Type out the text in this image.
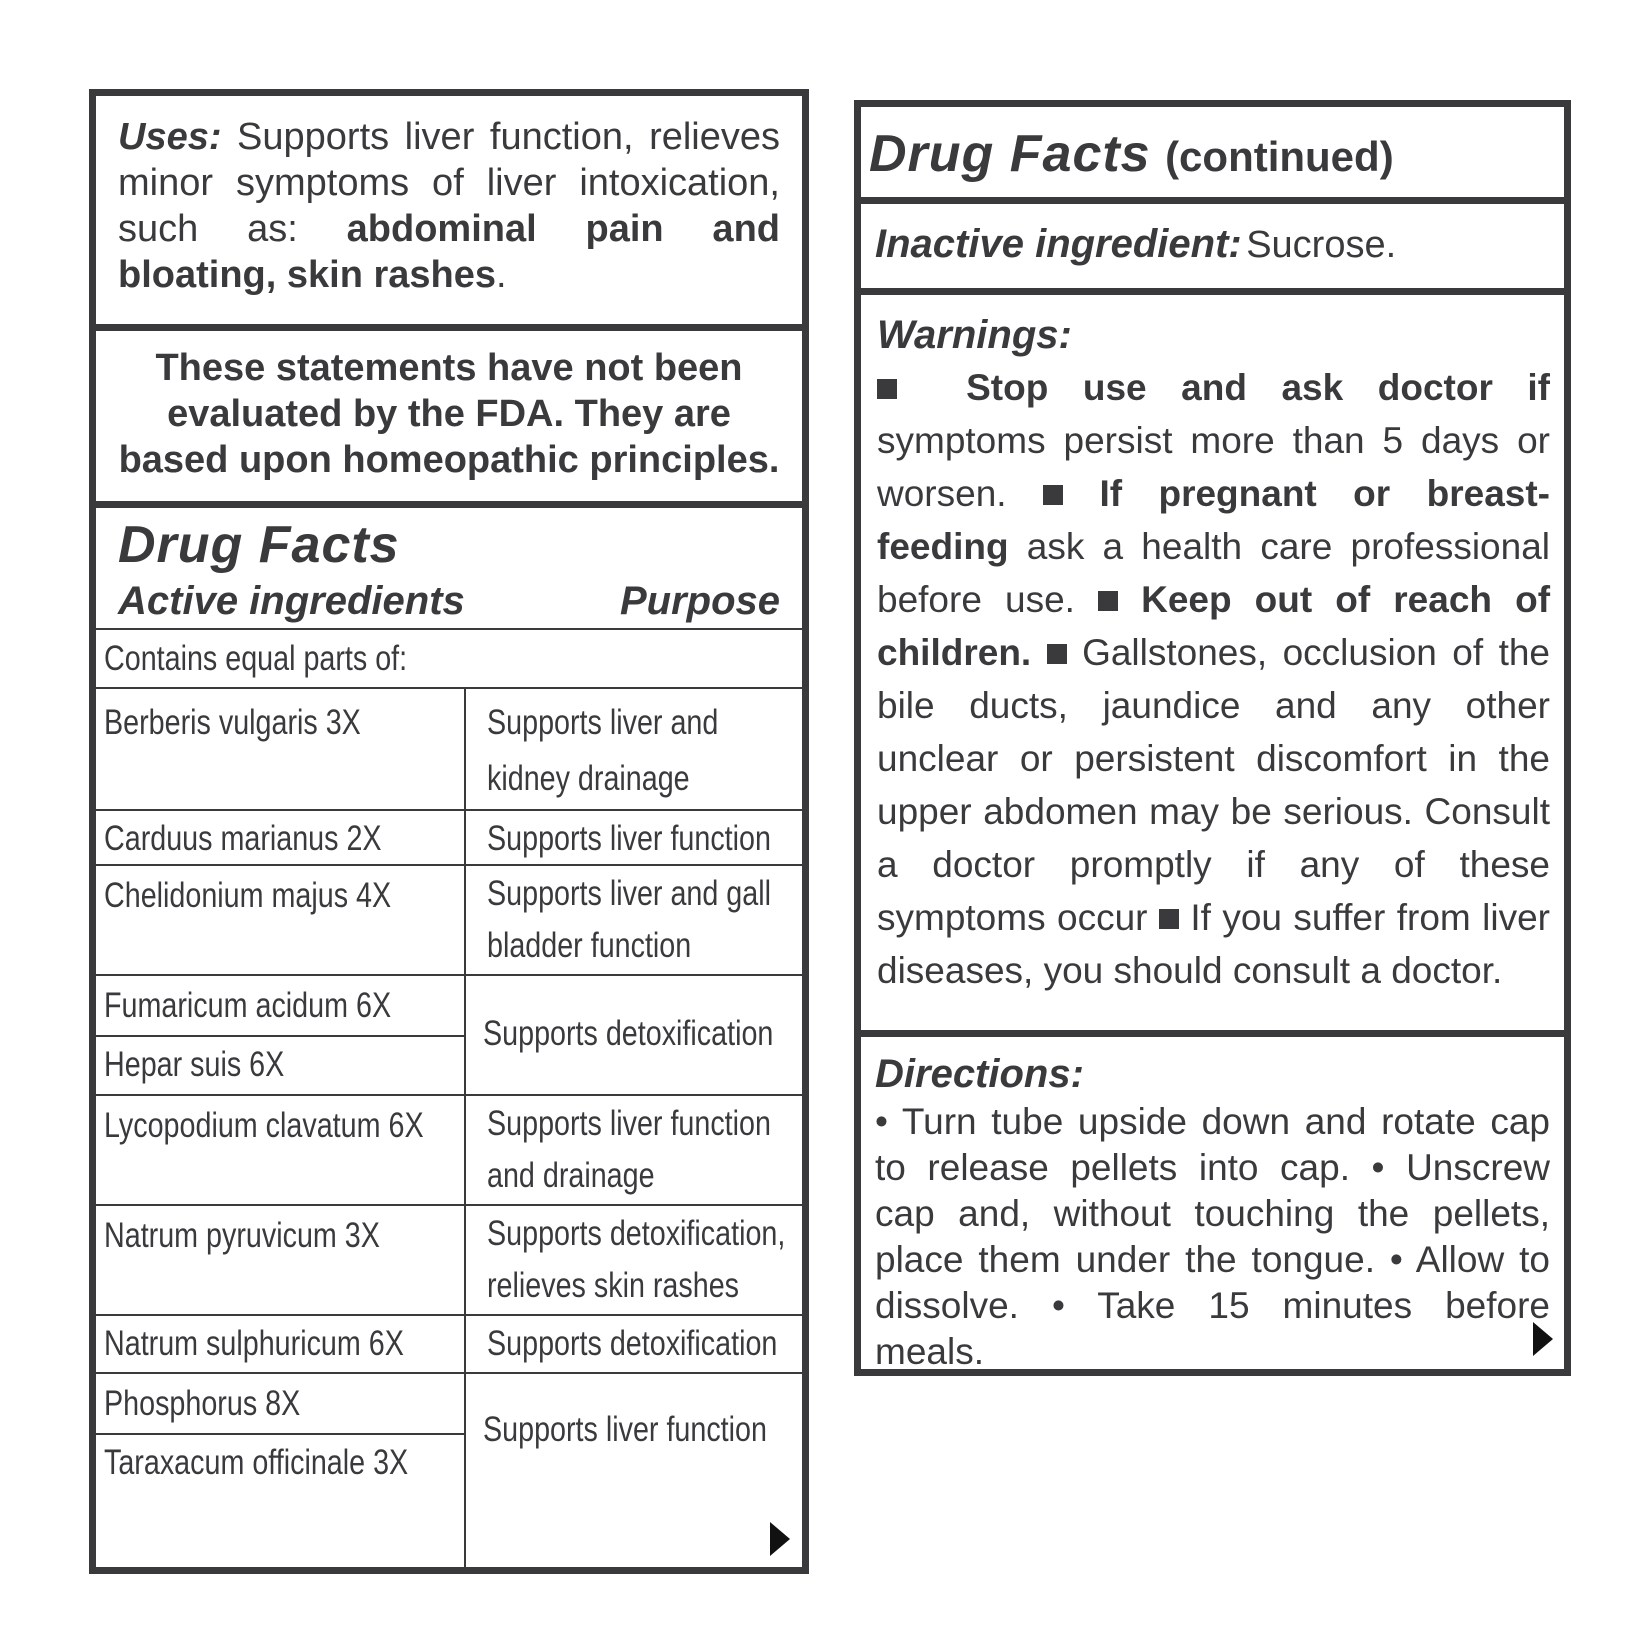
Uses: Supports liver function, relieves minor symptoms of liver intoxication, such as: abdominal pain and bloating, skin rashes.
These statements have not been evaluated by the FDA. They are based upon homeopathic principles.
Drug Facts
Active ingredients	Purpose
Contains equal parts of:
Berberis vulgaris 3X	Supports liver and
kidney drainage
Carduus marianus 2X	Supports liver function
Chelidonium majus 4X	Supports liver and gall
bladder function
Fumaricum acidum 6X
Hepar suis 6X
Supports detoxification
Lycopodium clavatum 6X Supports liver function
and drainage
Natrum pyruvicum 3X	Supports detoxification,
relieves skin rashes
Natrum sulphuricum 6X	Supports detoxification
Phosphorus 8X
Taraxacum officinale 3X
Supports liver function
Drug Facts (continued)
Inactive ingredient: Sucrose.
Warnings:
Stop use and ask doctor if symptoms persist more than 5 days or worsen.	If pregnant or breast-feeding ask a health care professional before use. Keep out of reach of children. Gallstones, occlusion of the bile ducts, jaundice and any other unclear or persistent discomfort in the upper abdomen may be serious. Consult a doctor promptly if any of these symptoms occur If you suffer from liver diseases, you should consult a doctor.
Directions:
• Turn tube upside down and rotate cap to release pellets into cap. • Unscrew cap and, without touching the pellets, place them under the tongue. • Allow to dissolve. • Take 15 minutes before meals.
